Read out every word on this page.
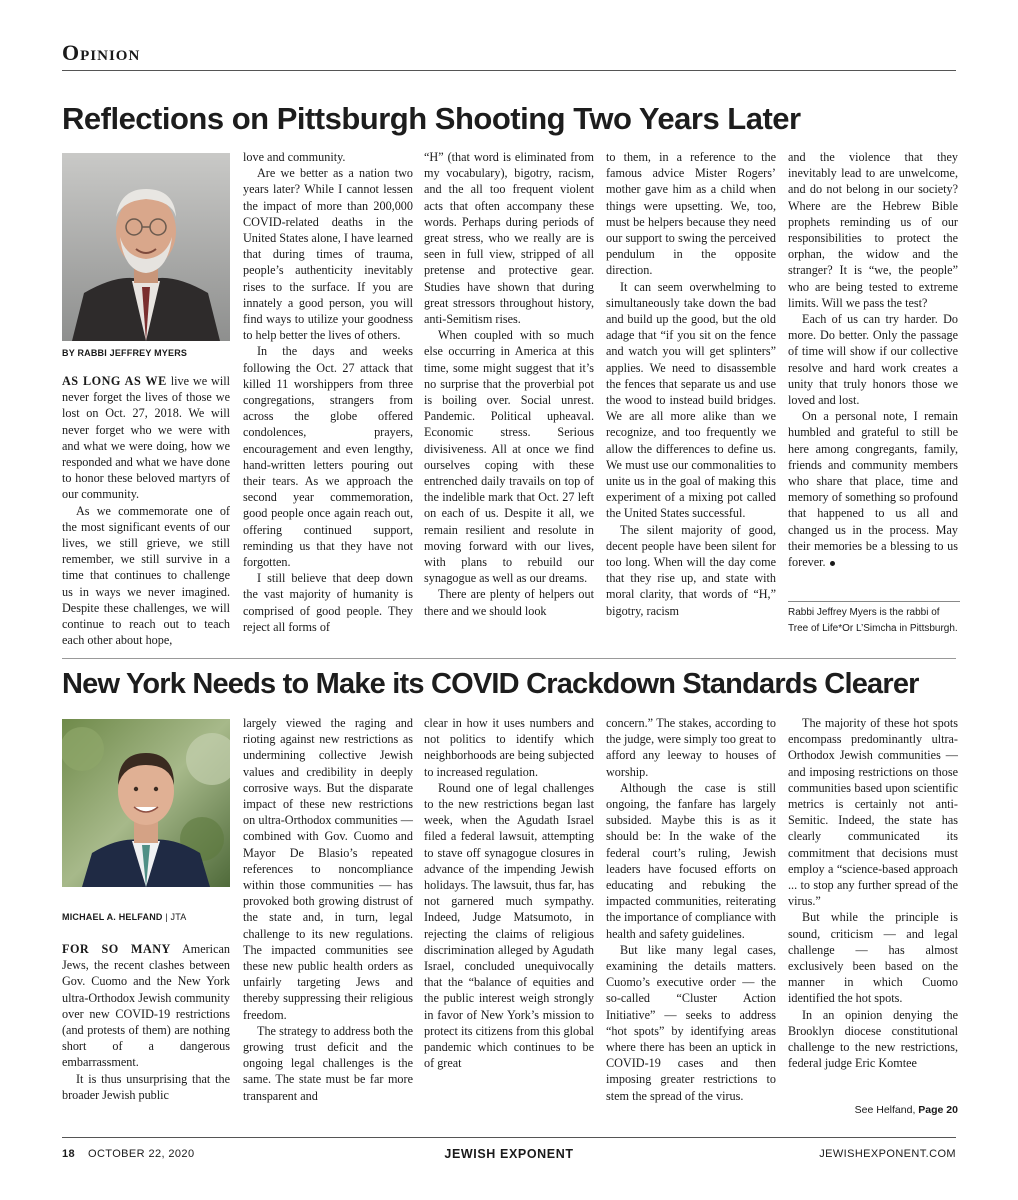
Opinion
Reflections on Pittsburgh Shooting Two Years Later
BY RABBI JEFFREY MYERS

AS LONG AS WE live we will never forget the lives of those we lost on Oct. 27, 2018. We will never forget who we were with and what we were doing, how we responded and what we have done to honor these beloved martyrs of our community.

As we commemorate one of the most significant events of our lives, we still grieve, we still remember, we still survive in a time that continues to challenge us in ways we never imagined. Despite these challenges, we will continue to reach out to teach each other about hope,

love and community.

Are we better as a nation two years later? While I cannot lessen the impact of more than 200,000 COVID-related deaths in the United States alone, I have learned that during times of trauma, people’s authenticity inevitably rises to the surface. If you are innately a good person, you will find ways to utilize your goodness to help better the lives of others.

In the days and weeks following the Oct. 27 attack that killed 11 worshippers from three congregations, strangers from across the globe offered condolences, prayers, encouragement and even lengthy, hand-written letters pouring out their tears. As we approach the second year commemoration, good people once again reach out, offering continued support, reminding us that they have not forgotten.

I still believe that deep down the vast majority of humanity is comprised of good people. They reject all forms of

“H” (that word is eliminated from my vocabulary), bigotry, racism, and the all too frequent violent acts that often accompany these words. Perhaps during periods of great stress, who we really are is seen in full view, stripped of all pretense and protective gear. Studies have shown that during great stressors throughout history, anti-Semitism rises.

When coupled with so much else occurring in America at this time, some might suggest that it’s no surprise that the proverbial pot is boiling over. Social unrest. Pandemic. Political upheaval. Economic stress. Serious divisiveness. All at once we find ourselves coping with these entrenched daily travails on top of the indelible mark that Oct. 27 left on each of us. Despite it all, we remain resilient and resolute in moving forward with our lives, with plans to rebuild our synagogue as well as our dreams.

There are plenty of helpers out there and we should look

to them, in a reference to the famous advice Mister Rogers’ mother gave him as a child when things were upsetting. We, too, must be helpers because they need our support to swing the perceived pendulum in the opposite direction.

It can seem overwhelming to simultaneously take down the bad and build up the good, but the old adage that “if you sit on the fence and watch you will get splinters” applies. We need to disassemble the fences that separate us and use the wood to instead build bridges. We are all more alike than we recognize, and too frequently we allow the differences to define us. We must use our commonalities to unite us in the goal of making this experiment of a mixing pot called the United States successful.

The silent majority of good, decent people have been silent for too long. When will the day come that they rise up, and state with moral clarity, that words of “H,” bigotry, racism

and the violence that they inevitably lead to are unwelcome, and do not belong in our society? Where are the Hebrew Bible prophets reminding us of our responsibilities to protect the orphan, the widow and the stranger? It is “we, the people” who are being tested to extreme limits. Will we pass the test?

Each of us can try harder. Do more. Do better. Only the passage of time will show if our collective resolve and hard work creates a unity that truly honors those we loved and lost.

On a personal note, I remain humbled and grateful to still be here among congregants, family, friends and community members who share that place, time and memory of something so profound that happened to us all and changed us in the process. May their memories be a blessing to us forever.

Rabbi Jeffrey Myers is the rabbi of Tree of Life*Or L’Simcha in Pittsburgh.
New York Needs to Make its COVID Crackdown Standards Clearer
MICHAEL A. HELFAND | JTA

FOR SO MANY American Jews, the recent clashes between Gov. Cuomo and the New York ultra-Orthodox Jewish community over new COVID-19 restrictions (and protests of them) are nothing short of a dangerous embarrassment.

It is thus unsurprising that the broader Jewish public

largely viewed the raging and rioting against new restrictions as undermining collective Jewish values and credibility in deeply corrosive ways. But the disparate impact of these new restrictions on ultra-Orthodox communities — combined with Gov. Cuomo and Mayor De Blasio’s repeated references to noncompliance within those communities — has provoked both growing distrust of the state and, in turn, legal challenge to its new regulations. The impacted communities see these new public health orders as unfairly targeting Jews and thereby suppressing their religious freedom.

The strategy to address both the growing trust deficit and the ongoing legal challenges is the same. The state must be far more transparent and

clear in how it uses numbers and not politics to identify which neighborhoods are being subjected to increased regulation.

Round one of legal challenges to the new restrictions began last week, when the Agudath Israel filed a federal lawsuit, attempting to stave off synagogue closures in advance of the impending Jewish holidays. The lawsuit, thus far, has not garnered much sympathy. Indeed, Judge Matsumoto, in rejecting the claims of religious discrimination alleged by Agudath Israel, concluded unequivocally that the “balance of equities and the public interest weigh strongly in favor of New York’s mission to protect its citizens from this global pandemic which continues to be of great

concern.” The stakes, according to the judge, were simply too great to afford any leeway to houses of worship.

Although the case is still ongoing, the fanfare has largely subsided. Maybe this is as it should be: In the wake of the federal court’s ruling, Jewish leaders have focused efforts on educating and rebuking the impacted communities, reiterating the importance of compliance with health and safety guidelines.

But like many legal cases, examining the details matters. Cuomo’s executive order — the so-called “Cluster Action Initiative” — seeks to address “hot spots” by identifying areas where there has been an uptick in COVID-19 cases and then imposing greater restrictions to stem the spread of the virus.

The majority of these hot spots encompass predominantly ultra-Orthodox Jewish communities — and imposing restrictions on those communities based upon scientific metrics is certainly not anti-Semitic. Indeed, the state has clearly communicated its commitment that decisions must employ a “science-based approach ... to stop any further spread of the virus.”

But while the principle is sound, criticism — and legal challenge — has almost exclusively been based on the manner in which Cuomo identified the hot spots.

In an opinion denying the Brooklyn diocese constitutional challenge to the new restrictions, federal judge Eric Komtee

See Helfand, Page 20
18 OCTOBER 22, 2020	JEWISH EXPONENT	JEWISHEXPONENT.COM
